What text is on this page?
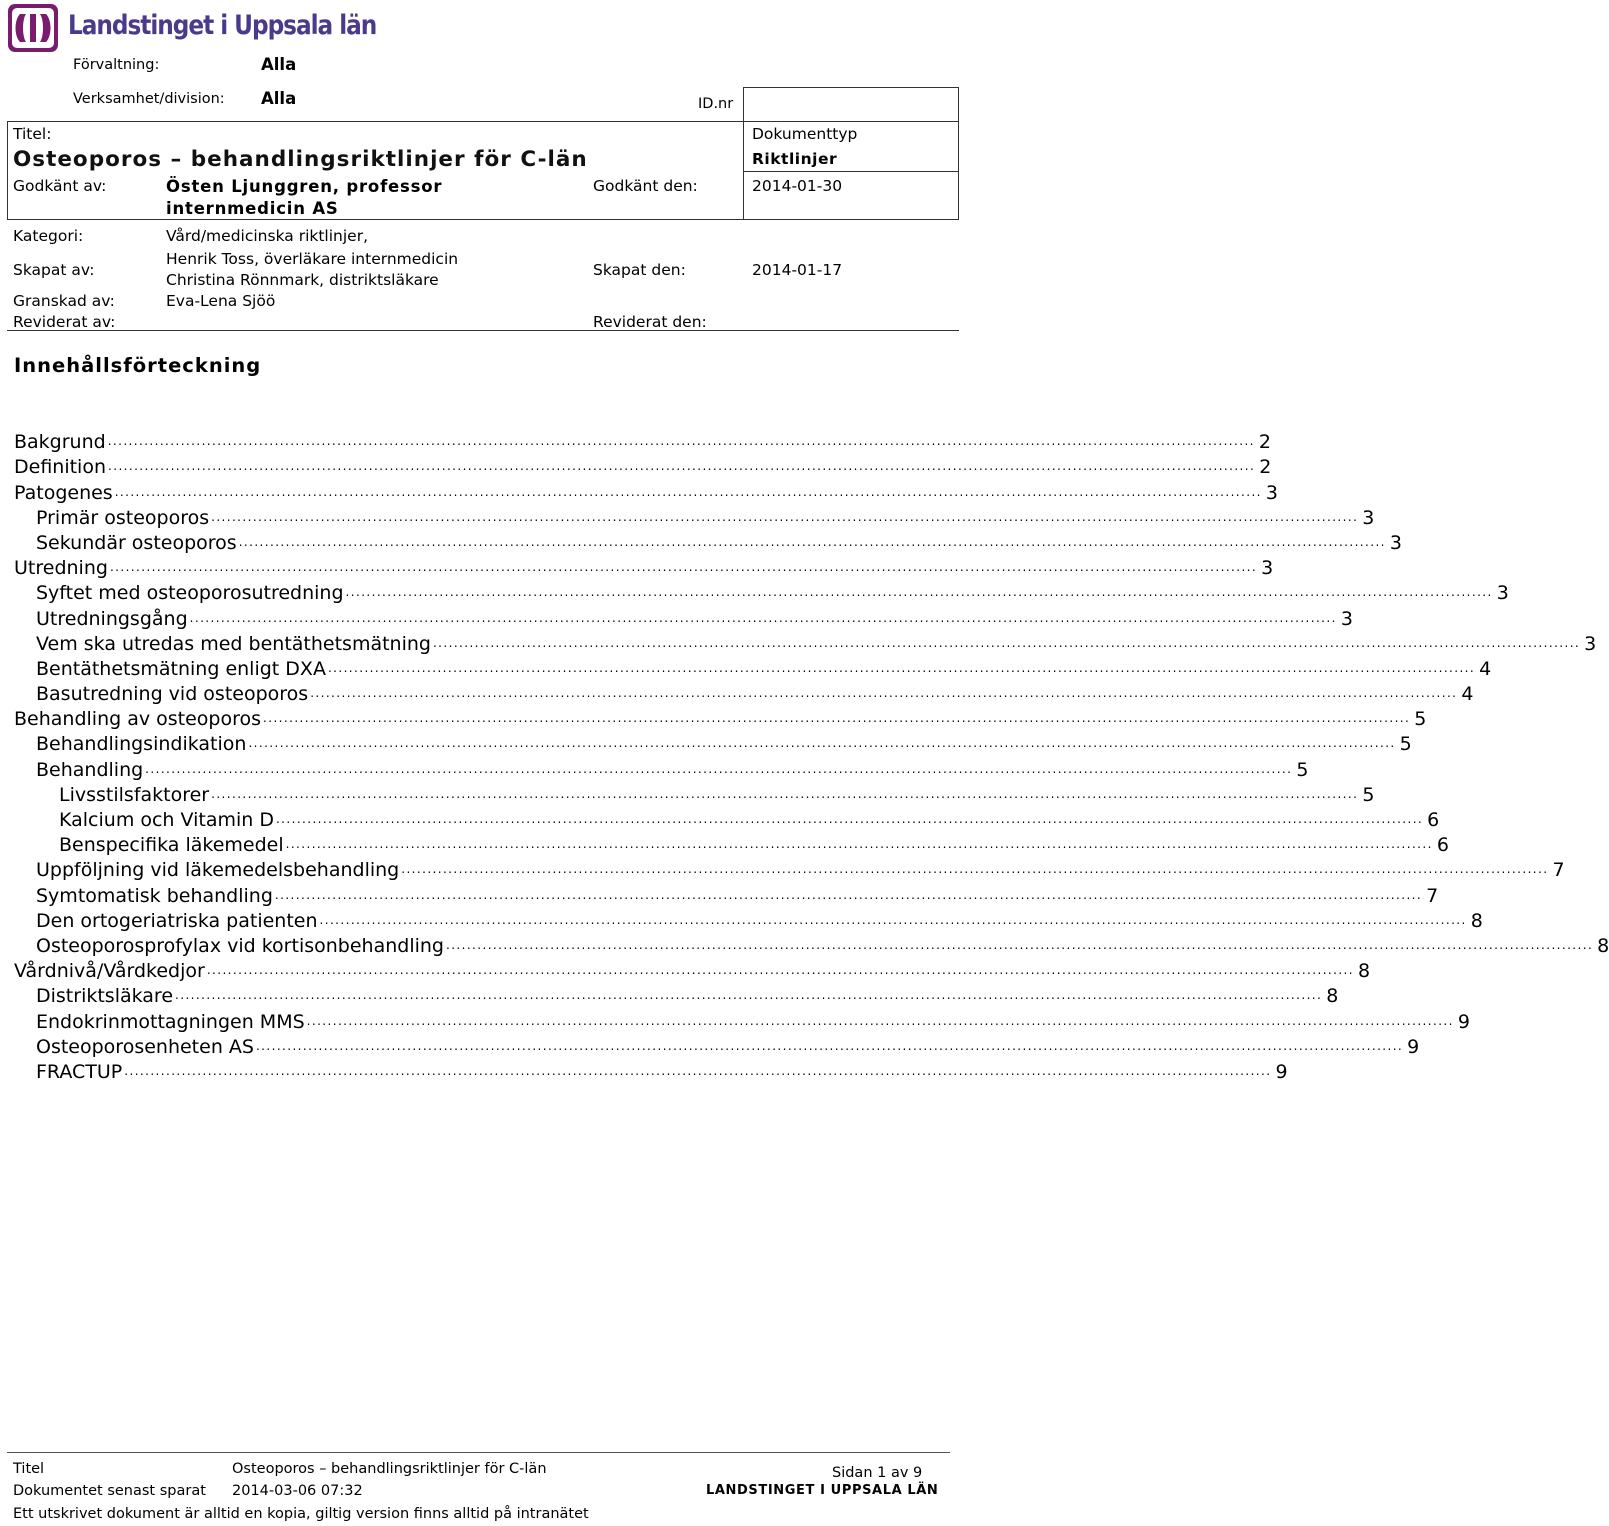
Landstinget i Uppsala län
Förvaltning:	Alla
Verksamhet/division: Alla	ID.nr
Titel:
Osteoporos – behandlingsriktlinjer för C-län
Dokumenttyp
Riktlinjer
Godkänt av:	Östen Ljunggren, professor
internmedicin AS
Godkänt den:	2014-01-30
Kategori:	Vård/medicinska riktlinjer,
Skapat av:
Henrik Toss, överläkare internmedicin
Christina Rönnmark, distriktsläkare
Skapat den:	2014-01-17
Granskad av:	Eva-Lena Sjöö
Reviderat av:	Reviderat den:
Innehållsförteckning
Bakgrund ............................................................................................................................................................................................................................ 2
Definition ............................................................................................................................................................................................................................ 2
Patogenes ............................................................................................................................................................................................................................ 3
Primär osteoporos ............................................................................................................................................................................................................................ 3
Sekundär osteoporos ............................................................................................................................................................................................................................ 3
Utredning ............................................................................................................................................................................................................................ 3
Syftet med osteoporosutredning ............................................................................................................................................................................................................................ 3
Utredningsgång ............................................................................................................................................................................................................................ 3
Vem ska utredas med bentäthetsmätning ............................................................................................................................................................................................................................ 3
Bentäthetsmätning enligt DXA ............................................................................................................................................................................................................................ 4
Basutredning vid osteoporos ............................................................................................................................................................................................................................ 4
Behandling av osteoporos ............................................................................................................................................................................................................................ 5
Behandlingsindikation ............................................................................................................................................................................................................................ 5
Behandling ............................................................................................................................................................................................................................ 5
Livsstilsfaktorer ............................................................................................................................................................................................................................ 5
Kalcium och Vitamin D ............................................................................................................................................................................................................................ 6
Benspecifika läkemedel ............................................................................................................................................................................................................................ 6
Uppföljning vid läkemedelsbehandling ............................................................................................................................................................................................................................ 7
Symtomatisk behandling ............................................................................................................................................................................................................................ 7
Den ortogeriatriska patienten ............................................................................................................................................................................................................................ 8
Osteoporosprofylax vid kortisonbehandling ............................................................................................................................................................................................................................ 8
Vårdnivå/Vårdkedjor ............................................................................................................................................................................................................................ 8
Distriktsläkare ............................................................................................................................................................................................................................ 8
Endokrinmottagningen MMS ............................................................................................................................................................................................................................ 9
Osteoporosenheten AS ............................................................................................................................................................................................................................ 9
FRACTUP ............................................................................................................................................................................................................................ 9
Titel	Osteoporos – behandlingsriktlinjer för C-län	Sidan 1 av 9
Dokumentet senast sparat 2014-03-06 07:32	LANDSTINGET I UPPSALA LÄN
Ett utskrivet dokument är alltid en kopia, giltig version finns alltid på intranätet
